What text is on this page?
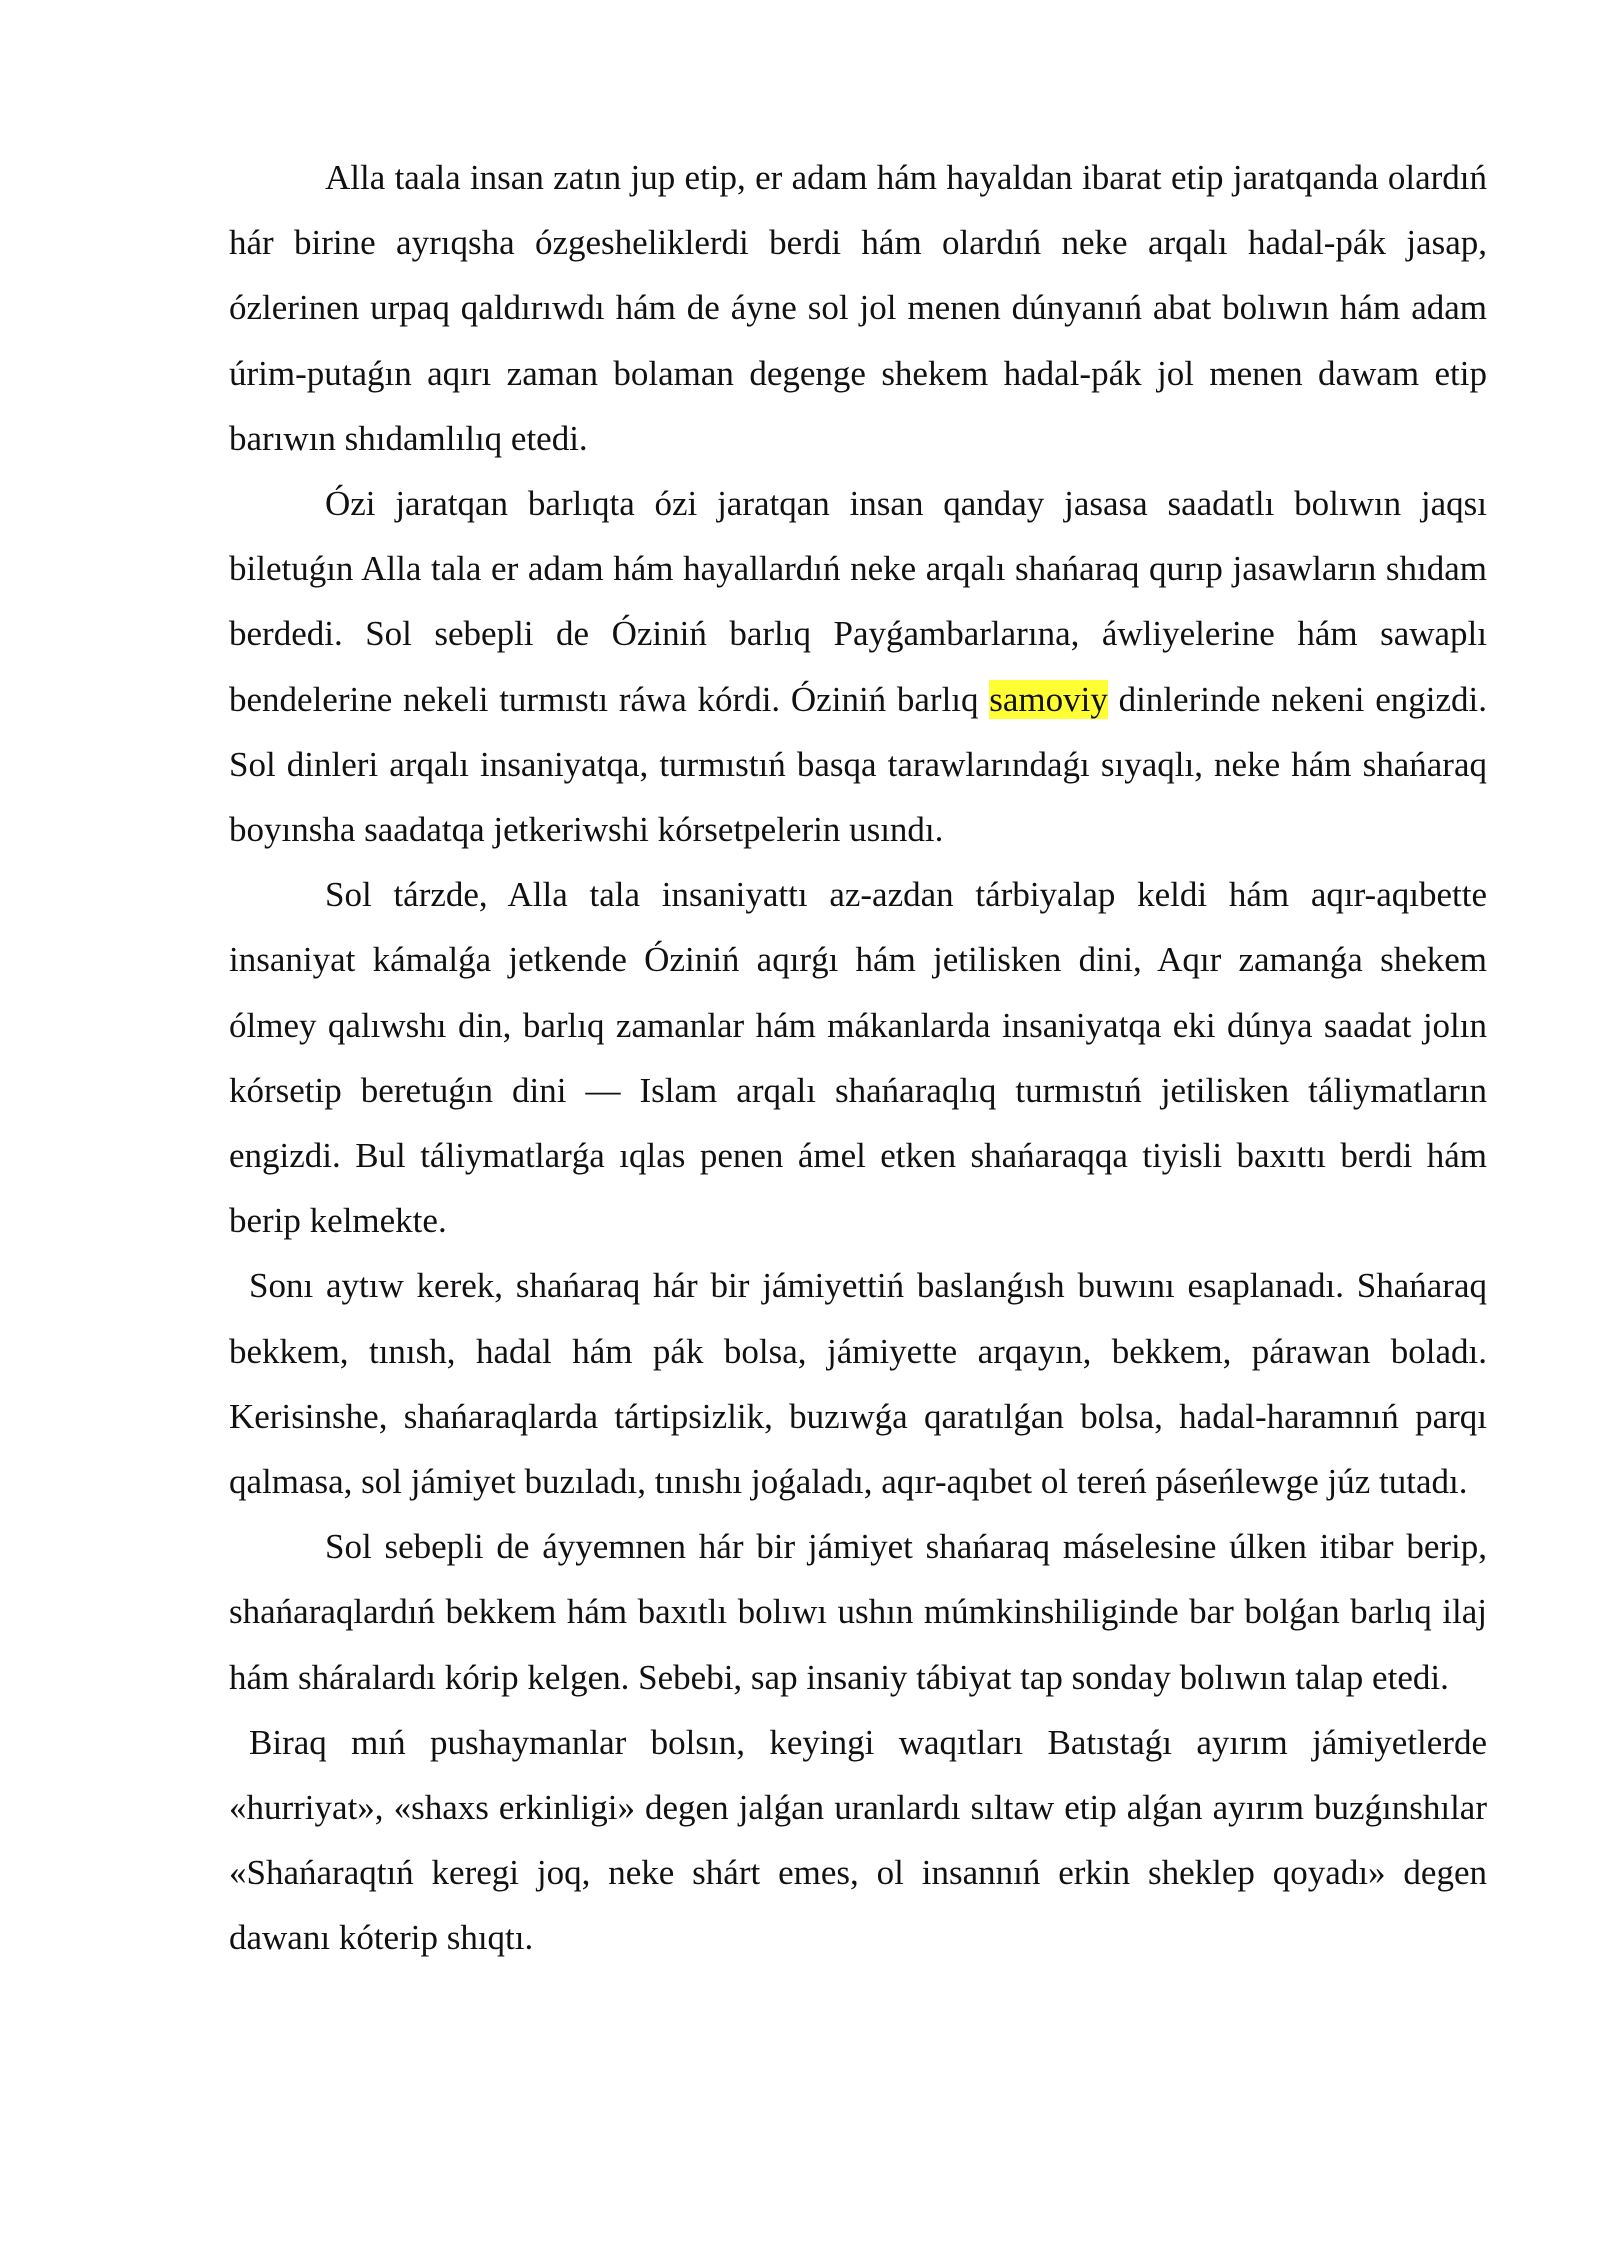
Alla taala insan zatın jup etip, er adam hám hayaldan ibarat etip jaratqanda olardıń hár birine ayrıqsha ózgesheliklerdi berdi hám olardıń neke arqalı hadal-pák jasap, ózlerinen urpaq qaldırıwdı hám de áyne sol jol menen dúnyanıń abat bolıwın hám adam úrim-putaǵın aqırı zaman bolaman degenge shekem hadal-pák jol menen dawam etip barıwın shıdamlılıq etedi.

Ózi jaratqan barlıqta ózi jaratqan insan qanday jasasa saadatlı bolıwın jaqsı biletuǵın Alla tala er adam hám hayallardıń neke arqalı shańaraq qurıp jasawların shıdam berdedi. Sol sebepli de Óziniń barlıq Payǵambarlarına, áwliyelerine hám sawaplı bendelerine nekeli turmıstı ráwa kórdi. Óziniń barlıq samoviy dinlerinde nekeni engizdi. Sol dinleri arqalı insaniyatqa, turmıstıń basqa tarawlarındaǵı sıyaqlı, neke hám shańaraq boyınsha saadatqa jetkeriwshi kórsetpelerin usındı.

Sol tárzde, Alla tala insaniyattı az-azdan tárbiyalap keldi hám aqır-aqıbette insaniyat kámalǵa jetkende Óziniń aqırǵı hám jetilisken dini, Aqır zamanǵa shekem ólmey qalıwshı din, barlıq zamanlar hám mákanlarda insaniyatqa eki dúnya saadat jolın kórsetip beretuǵın dini — Islam arqalı shańaraqlıq turmıstıń jetilisken táliymatların engizdi. Bul táliymatlarǵa ıqlas penen ámel etken shańaraqqa tiyisli baxıttı berdi hám berip kelmekte.

Sonı aytıw kerek, shańaraq hár bir jámiyettiń baslanǵısh buwını esaplanadı. Shańaraq bekkem, tınısh, hadal hám pák bolsa, jámiyette arqayın, bekkem, párawan boladı. Kerisinshe, shańaraqlarda tártipsizlik, buzıwǵa qaratılǵan bolsa, hadal-haramnıń parqı qalmasa, sol jámiyet buzıladı, tınıshı joǵaladı, aqır-aqıbet ol tereń páseńlewge júz tutadı.

Sol sebepli de áyyemnen hár bir jámiyet shańaraq máselesine úlken itibar berip, shańaraqlardıń bekkem hám baxıtlı bolıwı ushın múmkinshiliginde bar bolǵan barlıq ilaj hám sháralardı kórip kelgen. Sebebi, sap insaniy tábiyat tap sonday bolıwın talap etedi.

Biraq mıń pushaymanlar bolsın, keyingi waqıtları Batıstaǵı ayırım jámiyetlerde «hurriyat», «shaxs erkinligi» degen jalǵan uranlardı sıltaw etip alǵan ayırım buzǵınshılar «Shańaraqtıń keregi joq, neke shárt emes, ol insannıń erkin sheklep qoyadı» degen dawanı kóterip shıqtı.
